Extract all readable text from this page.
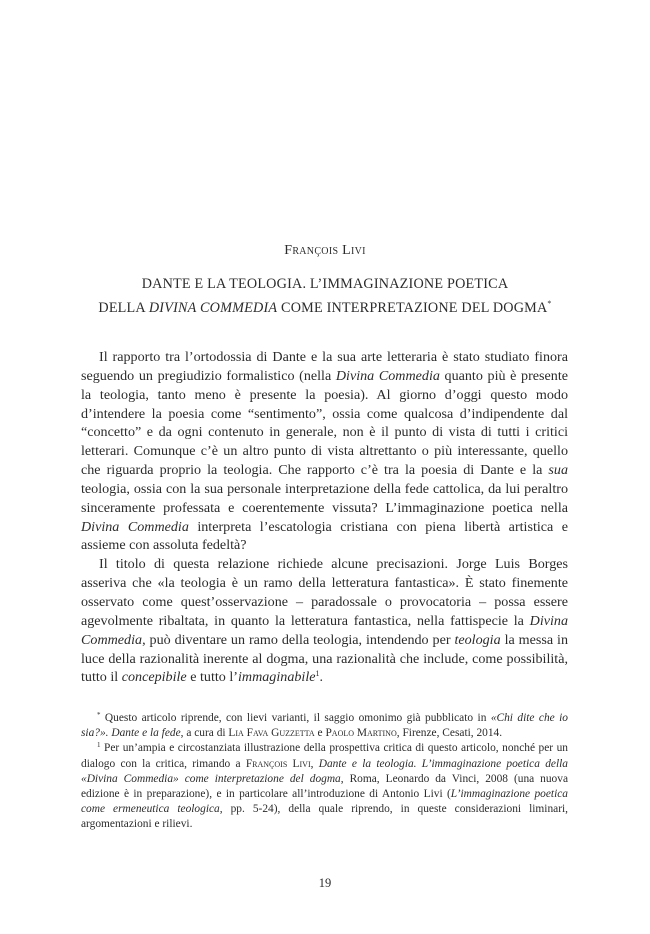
François Livi
DANTE E LA TEOLOGIA. L’IMMAGINAZIONE POETICA
DELLA DIVINA COMMEDIA COME INTERPRETAZIONE DEL DOGMA*

Il rapporto tra l’ortodossia di Dante e la sua arte letteraria è stato studiato finora seguendo un pregiudizio formalistico (nella Divina Commedia quanto più è presente la teologia, tanto meno è presente la poesia). Al giorno d’oggi questo modo d’intendere la poesia come “sentimento”, ossia come qualcosa d’indipendente dal “concetto” e da ogni contenuto in generale, non è il punto di vista di tutti i critici letterari. Comunque c’è un altro punto di vista altrettanto o più interessante, quello che riguarda proprio la teologia. Che rapporto c’è tra la poesia di Dante e la sua teologia, ossia con la sua personale interpretazione della fede cattolica, da lui peraltro sinceramente professata e coerentemente vissuta? L’immaginazione poetica nella Divina Commedia interpreta l’escatologia cristiana con piena libertà artistica e assieme con assoluta fedeltà?

Il titolo di questa relazione richiede alcune precisazioni. Jorge Luis Borges asseriva che «la teologia è un ramo della letteratura fantastica». È stato finemente osservato come quest’osservazione – paradossale o provocatoria – possa essere agevolmente ribaltata, in quanto la letteratura fantastica, nella fattispecie la Divina Commedia, può diventare un ramo della teologia, intendendo per teologia la messa in luce della razionalità inerente al dogma, una razionalità che include, come possibilità, tutto il concepibile e tutto l’immaginabile$^1$.

* Questo articolo riprende, con lievi varianti, il saggio omonimo già pubblicato in «Chi dite che io sia?». Dante e la fede, a cura di Lia Fava Guzzetta e Paolo Martino, Firenze, Cesati, 2014.

$^1$ Per un’ampia e circostanziata illustrazione della prospettiva critica di questo articolo, nonché per un dialogo con la critica, rimando a François Livi, Dante e la teologia. L’immaginazione poetica della «Divina Commedia» come interpretazione del dogma, Roma, Leonardo da Vinci, 2008 (una nuova edizione è in preparazione), e in particolare all’introduzione di Antonio Livi (L’immaginazione poetica come ermeneutica teologica, pp. 5-24), della quale riprendo, in queste considerazioni liminari, argomentazioni e rilievi.

19
